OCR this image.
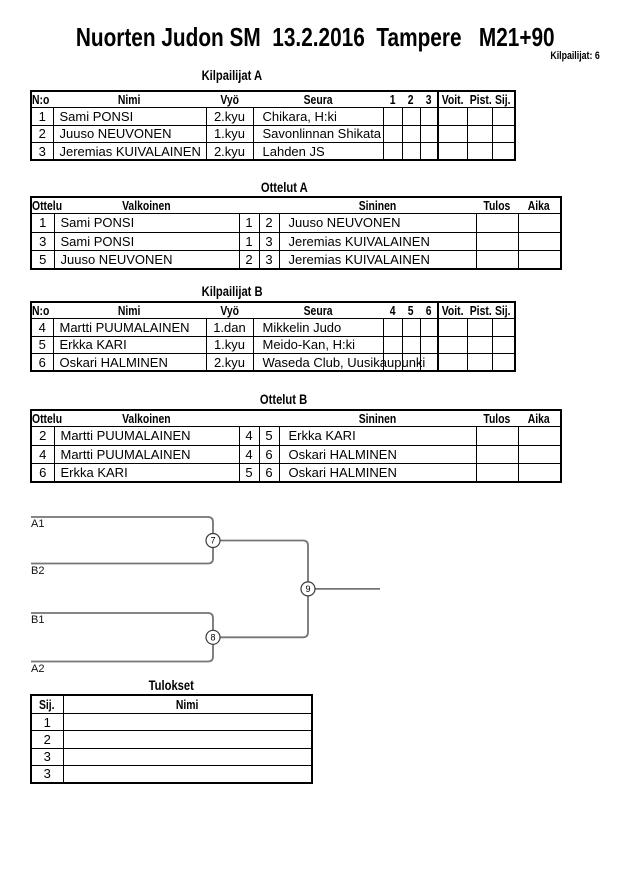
Nuorten Judon SM  13.2.2016  Tampere   M21+90
Kilpailijat: 6
Kilpailijat A
N:o	Nimi	Vyö	Seura	1	2	3	Voit.	Pist.	Sij.
1	Sami PONSI	2.kyu	Chikara, H:ki						
2	Juuso NEUVONEN	1.kyu	Savonlinnan Shikata						
3	Jeremias KUIVALAINEN	2.kyu	Lahden JS						
Ottelut A
Ottelu	Valkoinen			Sininen	Tulos	Aika
1	Sami PONSI	1	2	Juuso NEUVONEN		
3	Sami PONSI	1	3	Jeremias KUIVALAINEN		
5	Juuso NEUVONEN	2	3	Jeremias KUIVALAINEN		
Kilpailijat B
N:o	Nimi	Vyö	Seura	4	5	6	Voit.	Pist.	Sij.
4	Martti PUUMALAINEN	1.dan	Mikkelin Judo						
5	Erkka KARI	1.kyu	Meido-Kan, H:ki						
6	Oskari HALMINEN	2.kyu	Waseda Club, Uusikaupunki						
Ottelut B
Ottelu	Valkoinen			Sininen	Tulos	Aika
2	Martti PUUMALAINEN	4	5	Erkka KARI		
4	Martti PUUMALAINEN	4	6	Oskari HALMINEN		
6	Erkka KARI	5	6	Oskari HALMINEN		
7
8
9
A1
B2
B1
A2
Tulokset
Sij.	Nimi
1	
2	
3	
3	
